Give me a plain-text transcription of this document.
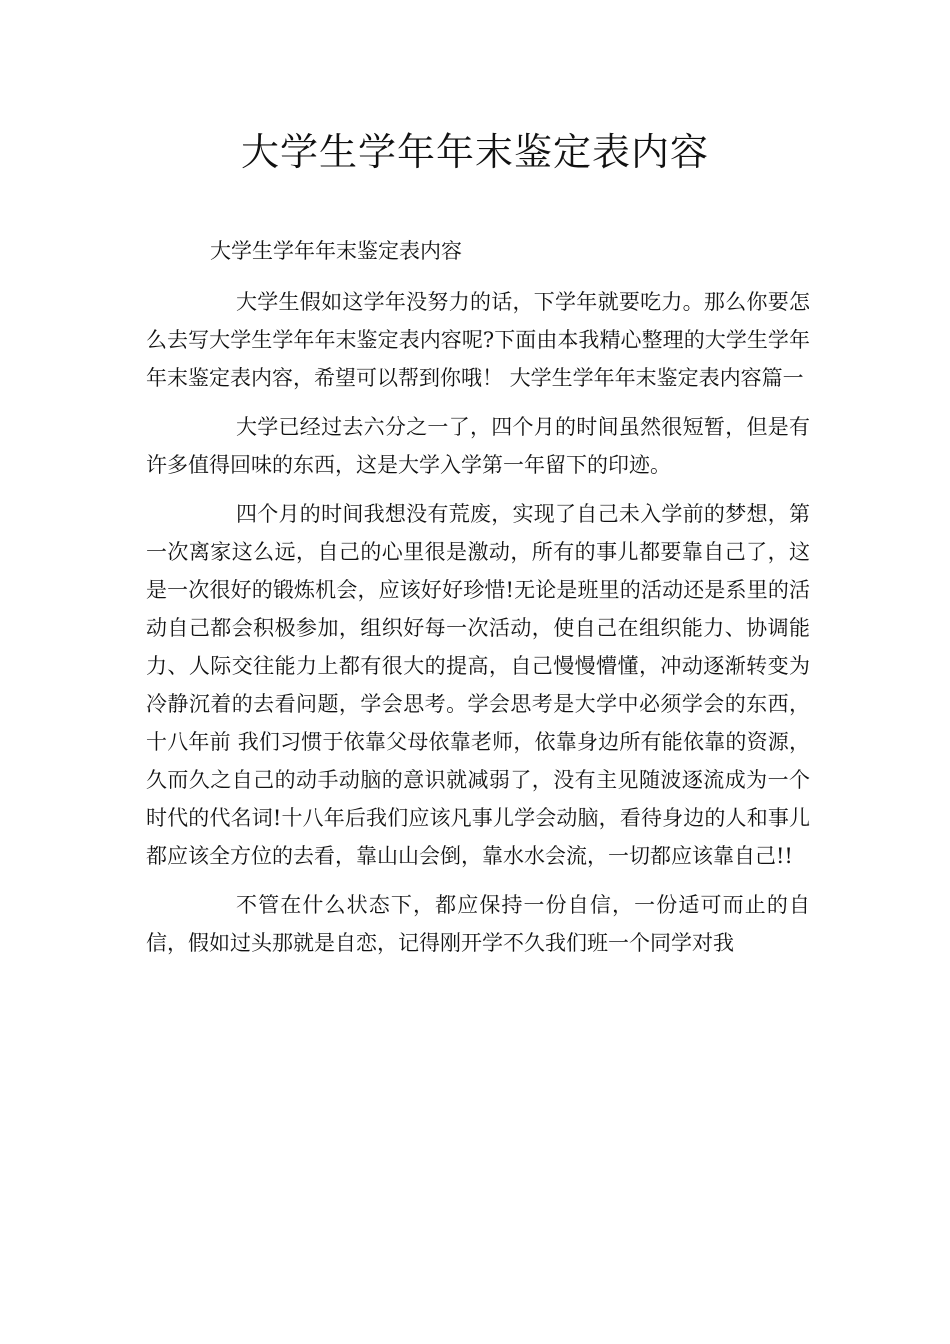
大学生学年年末鉴定表内容

大学生学年年末鉴定表内容

大学生假如这学年没努力的话，下学年就要吃力。那么你要怎么去写大学生学年年末鉴定表内容呢?下面由本我精心整理的大学生学年年末鉴定表内容，希望可以帮到你哦！ 大学生学年年末鉴定表内容篇一

大学已经过去六分之一了，四个月的时间虽然很短暂，但是有许多值得回味的东西，这是大学入学第一年留下的印迹。

四个月的时间我想没有荒废，实现了自己未入学前的梦想，第一次离家这么远，自己的心里很是激动，所有的事儿都要靠自己了，这是一次很好的锻炼机会，应该好好珍惜!无论是班里的活动还是系里的活动自己都会积极参加，组织好每一次活动，使自己在组织能力、协调能力、人际交往能力上都有很大的提高，自己慢慢懵懂，冲动逐渐转变为冷静沉着的去看问题，学会思考。学会思考是大学中必须学会的东西，十八年前 我们习惯于依靠父母依靠老师，依靠身边所有能依靠的资源，久而久之自己的动手动脑的意识就减弱了，没有主见随波逐流成为一个时代的代名词!十八年后我们应该凡事儿学会动脑，看待身边的人和事儿都应该全方位的去看，靠山山会倒，靠水水会流，一切都应该靠自己!!

不管在什么状态下，都应保持一份自信，一份适可而止的自信，假如过头那就是自恋，记得刚开学不久我们班一个同学对我
